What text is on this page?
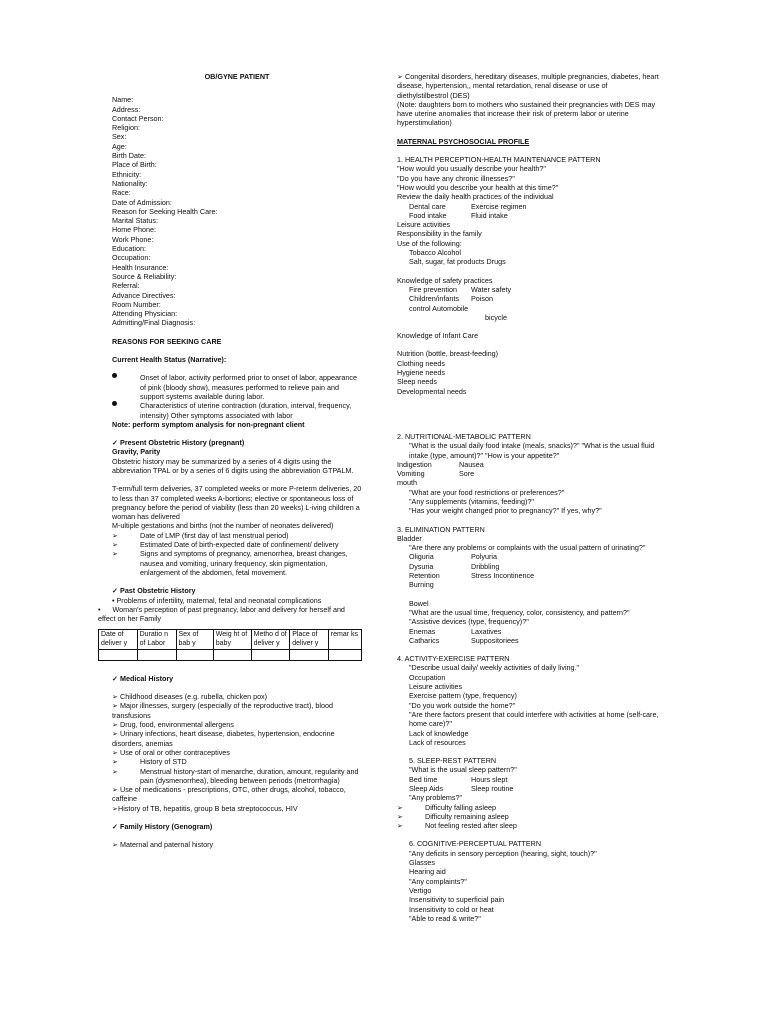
OB/GYNE PATIENT
Name:
Address:
Contact Person:
Religion:
Sex:
Age:
Birth Date:
Place of Birth:
Ethnicity:
Nationality:
Race:
Date of Admission:
Reason for Seeking Health Care:
Marital Status:
Home Phone:
Work Phone:
Education:
Occupation:
Health Insurance:
Source & Reliability:
Referral:
Advance Directives:
Room Number:
Attending Physician:
Admitting/Final Diagnosis:
REASONS FOR SEEKING CARE
Current Health Status (Narrative):
Onset of labor, activity performed prior to onset of labor, appearance of pink (bloody show), measures performed to relieve pain and support systems available during labor.
Characteristics of uterine contraction (duration, interval, frequency, intensity) Other symptoms associated with labor
Note: perform symptom analysis for non-pregnant client
✓ Present Obstetric History (pregnant)
Gravity, Parity
Obstetric history may be summarized by a series of 4 digits using the abbreviation TPAL or by a series of 6 digits using the abbreviation GTPALM.
T-erm/full term deliveries, 37 completed weeks or more P-reterm deliveries, 20 to less than 37 completed weeks A-bortions; elective or spontaneous loss of pregnancy before the period of viability (less than 20 weeks) L-iving children a woman has delivered
M-ultiple gestations and births (not the number of neonates delivered)
➢	Date of LMP (first day of last menstrual period)
➢	Estimated Date of birth-expected date of confinement/ delivery
➢	Signs and symptoms of pregnancy, amenorrhea, breast changes, nausea and vomiting, urinary frequency, skin pigmentation, enlargement of the abdomen, fetal movement.
✓ Past Obstetric History
• Problems of infertility, maternal, fetal and neonatal complications
•      Woman's perception of past pregnancy, labor and delivery for herself and effect on her Family
Date of deliver y	Duratio n of Labor	Sex of bab y	Weig ht of baby	Metho d of deliver y	Place of deliver y	remar ks

✓ Medical History
➢ Childhood diseases (e.g. rubella, chicken pox)
➢ Major illnesses, surgery (especially of the reproductive tract), blood transfusions
➢ Drug, food, environmental allergens
➢ Urinary infections, heart disease, diabetes, hypertension, endocrine disorders, anemias
➢ Use of oral or other contraceptives
➢	History of STD
➢	Menstrual history-start of menarche, duration, amount, regularity and pain (dysmenorrhea), bleeding between periods (metrorrhagia)
➢ Use of medications - prescriptions, OTC, other drugs, alcohol, tobacco, caffeine
➢History of TB, hepatitis, group B beta streptococcus, HIV
✓ Family History (Genogram)
➢ Maternal and paternal history
➢ Congenital disorders, hereditary diseases, multiple pregnancies, diabetes, heart disease, hypertension,, mental retardation, renal disease or use of diethylstilbestrol (DES)
(Note: daughters born to mothers who sustained their pregnancies with DES may have uterine anomalies that increase their risk of preterm labor or uterine hyperstimulation)
MATERNAL PSYCHOSOCIAL PROFILE
1. HEALTH PERCEPTION-HEALTH MAINTENANCE PATTERN
"How would you usually describe your health?"
"Do you have any chronic illnesses?"
"How would you describe your health at this time?"
Review the daily health practices of the individual
Dental care	Exercise regimen
Food intake	Fluid intake
Leisure activities
Responsibility in the family
Use of the following:
Tobacco Alcohol
Salt, sugar, fat products Drugs
Knowledge of safety practices
Fire prevention	Water safety
Children/infants	Poison
control Automobile
bicycle
Knowledge of Infant Care
Nutrition (bottle, breast-feeding)
Clothing needs
Hygiene needs
Sleep needs
Developmental needs
2. NUTRITIONAL-METABOLIC PATTERN
"What is the usual daily food intake (meals, snacks)?" "What is the usual fluid intake (type, amount)?" "How is your appetite?"
Indigestion	Nausea
Vomiting	Sore
mouth
"What are your food restrictions or preferences?"
"Any supplements (vitamins, feeding)?"
"Has your weight changed prior to pregnancy?" If yes, why?"
3. ELIMINATION PATTERN
Bladder
"Are there any problems or complaints with the usual pattern of urinating?"
Oliguria	Polyuria
Dysuria	Dribbling
Retention	Stress Incontinence
Burning
Bowel
"What are the usual time, frequency, color, consistency, and pattern?"
"Assistive devices (type, frequency)?"
Enemas	Laxatives
Catharics	Suppositoriees
4. ACTIVITY-EXERCISE PATTERN
"Describe usual daily/ weekly activities of daily living."
Occupation
Leisure activities
Exercise pattern (type, frequency)
"Do you work outside the home?"
"Are there factors present that could interfere with activities at home (self-care, home care)?"
Lack of knowledge
Lack of resources
5. SLEEP-REST PATTERN
"What is the usual sleep pattern?"
Bed time	Hours slept
Sleep Aids	Sleep routine
"Any problems?"
➢	Difficulty falling asleep
➢	Difficulty remaining asleep
➢	Not feeling rested after sleep
6. COGNITIVE-PERCEPTUAL PATTERN
"Any deficits in sensory perception (hearing, sight, touch)?"
Glasses
Hearing aid
"Any complaints?"
Vertigo
Insensitivity to superficial pain
Insensitivity to cold or heat
"Able to read & write?"
